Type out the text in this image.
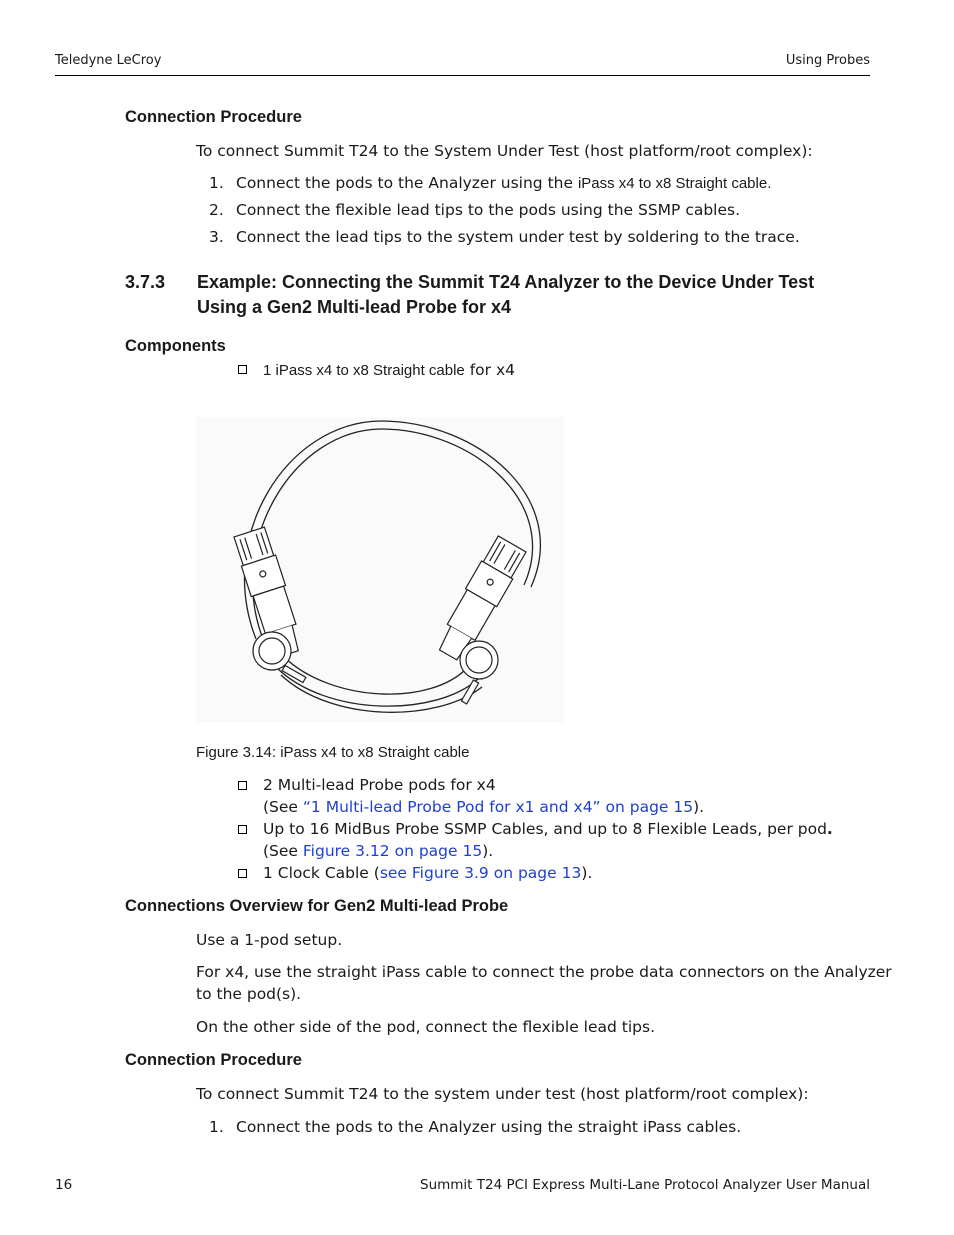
Teledyne LeCroy	Using Probes
Connection Procedure
To connect Summit T24 to the System Under Test (host platform/root complex):
1. Connect the pods to the Analyzer using the iPass x4 to x8 Straight cable.
2. Connect the flexible lead tips to the pods using the SSMP cables.
3. Connect the lead tips to the system under test by soldering to the trace.
3.7.3 Example: Connecting the Summit T24 Analyzer to the Device Under Test
Using a Gen2 Multi-lead Probe for x4
Components
1 iPass x4 to x8 Straight cable for x4
Figure 3.14: iPass x4 to x8 Straight cable
2 Multi-lead Probe pods for x4
(See “1 Multi-lead Probe Pod for x1 and x4” on page 15).
Up to 16 MidBus Probe SSMP Cables, and up to 8 Flexible Leads, per pod.
(See Figure 3.12 on page 15).
1 Clock Cable (see Figure 3.9 on page 13).
Connections Overview for Gen2 Multi-lead Probe
Use a 1-pod setup.
For x4, use the straight iPass cable to connect the probe data connectors on the Analyzer
to the pod(s).
On the other side of the pod, connect the flexible lead tips.
Connection Procedure
To connect Summit T24 to the system under test (host platform/root complex):
1. Connect the pods to the Analyzer using the straight iPass cables.
16	Summit T24 PCI Express Multi-Lane Protocol Analyzer User Manual
